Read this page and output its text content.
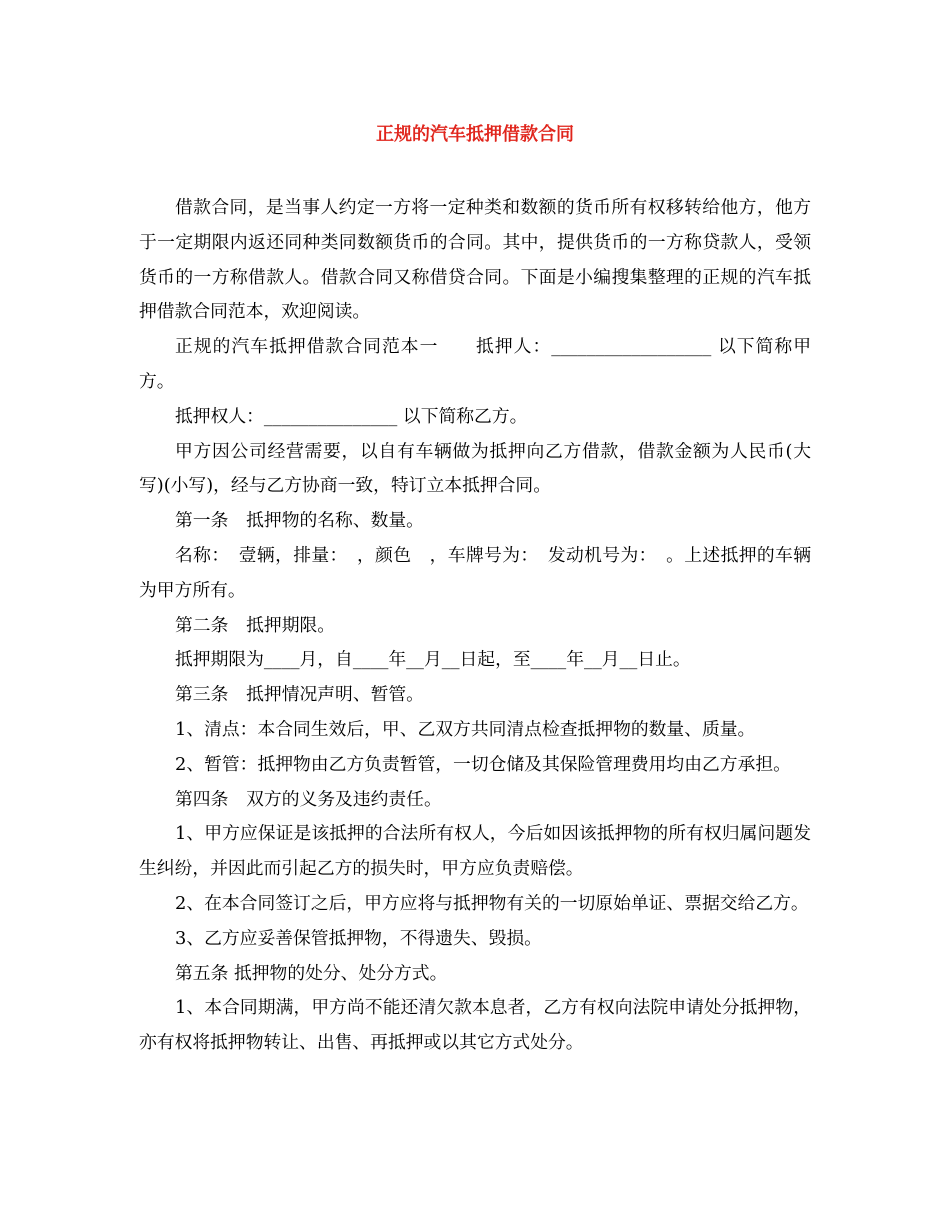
正规的汽车抵押借款合同

借款合同，是当事人约定一方将一定种类和数额的货币所有权移转给他方，他方于一定期限内返还同种类同数额货币的合同。其中，提供货币的一方称贷款人，受领货币的一方称借款人。借款合同又称借贷合同。下面是小编搜集整理的正规的汽车抵押借款合同范本，欢迎阅读。

正规的汽车抵押借款合同范本一　　抵押人：__________________ 以下简称甲方。

抵押权人：_______________ 以下简称乙方。

甲方因公司经营需要，以自有车辆做为抵押向乙方借款，借款金额为人民币(大写)(小写)，经与乙方协商一致，特订立本抵押合同。

第一条　抵押物的名称、数量。

名称：　壹辆，排量：　，颜色　，车牌号为：　发动机号为：　。上述抵押的车辆为甲方所有。

第二条　抵押期限。

抵押期限为____月，自____年__月__日起，至____年__月__日止。

第三条　抵押情况声明、暂管。

1、清点：本合同生效后，甲、乙双方共同清点检查抵押物的数量、质量。

2、暂管：抵押物由乙方负责暂管，一切仓储及其保险管理费用均由乙方承担。

第四条　双方的义务及违约责任。

1、甲方应保证是该抵押的合法所有权人，今后如因该抵押物的所有权归属问题发生纠纷，并因此而引起乙方的损失时，甲方应负责赔偿。

2、在本合同签订之后，甲方应将与抵押物有关的一切原始单证、票据交给乙方。

3、乙方应妥善保管抵押物，不得遗失、毁损。

第五条 抵押物的处分、处分方式。

1、本合同期满，甲方尚不能还清欠款本息者，乙方有权向法院申请处分抵押物，亦有权将抵押物转让、出售、再抵押或以其它方式处分。
